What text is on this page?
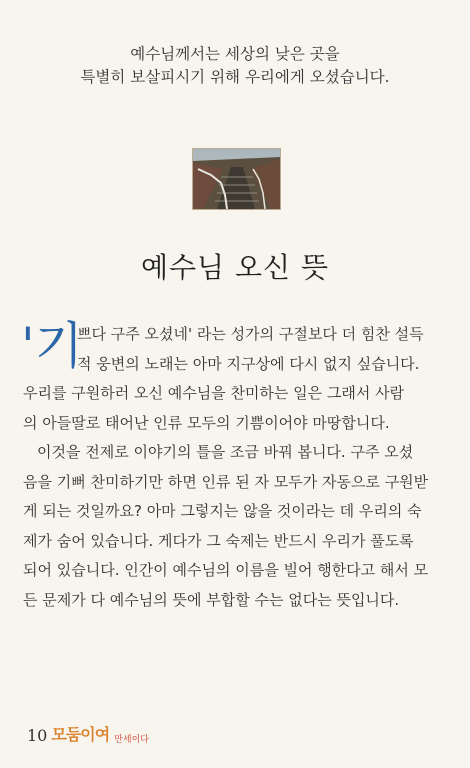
예수님께서는 세상의 낮은 곳을
특별히 보살피시기 위해 우리에게 오셨습니다.
예수님 오신 뜻
'기
쁘다 구주 오셨네' 라는 성가의 구절보다 더 힘찬 설득
적 웅변의 노래는 아마 지구상에 다시 없지 싶습니다.
우리를 구원하러 오신 예수님을 찬미하는 일은 그래서 사람
의 아들딸로 태어난 인류 모두의 기쁨이어야 마땅합니다.
이것을 전제로 이야기의 틀을 조금 바꿔 봅니다. 구주 오셨
음을 기뻐 찬미하기만 하면 인류 된 자 모두가 자동으로 구원받
게 되는 것일까요? 아마 그렇지는 않을 것이라는 데 우리의 숙
제가 숨어 있습니다. 게다가 그 숙제는 반드시 우리가 풀도록
되어 있습니다. 인간이 예수님의 이름을 빌어 행한다고 해서 모
든 문제가 다 예수님의 뜻에 부합할 수는 없다는 뜻입니다.
10 모둠이여 만세이다
